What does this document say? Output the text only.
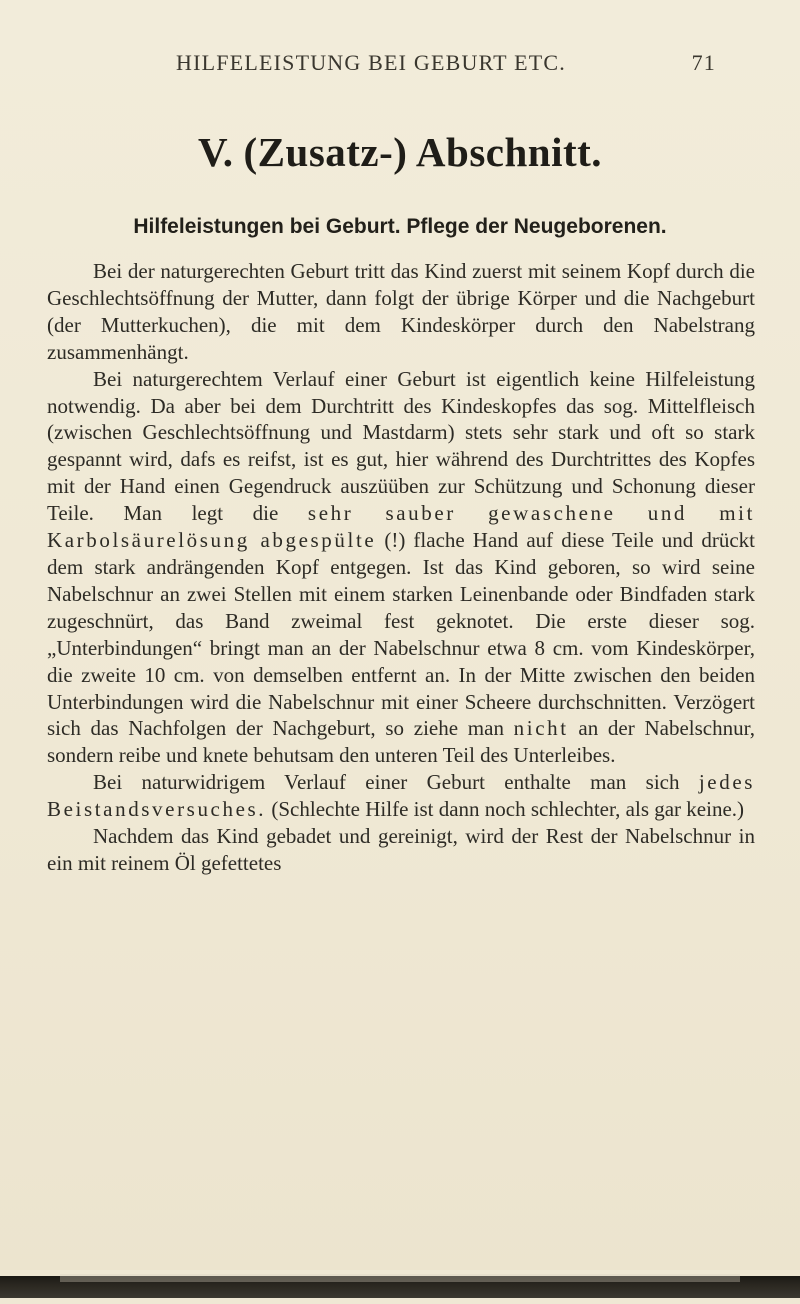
HILFELEISTUNG BEI GEBURT ETC.	71
V. (Zusatz-) Abschnitt.
Hilfeleistungen bei Geburt. Pflege der Neugeborenen.

Bei der naturgerechten Geburt tritt das Kind zuerst mit seinem Kopf durch die Geschlechtsöffnung der Mutter, dann folgt der übrige Körper und die Nachgeburt (der Mutterkuchen), die mit dem Kindeskörper durch den Nabelstrang zusammenhängt.

Bei naturgerechtem Verlauf einer Geburt ist eigentlich keine Hilfeleistung notwendig. Da aber bei dem Durchtritt des Kindeskopfes das sog. Mittelfleisch (zwischen Geschlechtsöffnung und Mastdarm) stets sehr stark und oft so stark gespannt wird, dafs es reifst, ist es gut, hier während des Durchtrittes des Kopfes mit der Hand einen Gegendruck auszüüben zur Schützung und Schonung dieser Teile. Man legt die sehr sauber gewaschene und mit Karbolsäurelösung abgespülte (!) flache Hand auf diese Teile und drückt dem stark andrängenden Kopf entgegen. Ist das Kind geboren, so wird seine Nabelschnur an zwei Stellen mit einem starken Leinenbande oder Bindfaden stark zugeschnürt, das Band zweimal fest geknotet. Die erste dieser sog. „Unterbindungen“ bringt man an der Nabelschnur etwa 8 cm. vom Kindeskörper, die zweite 10 cm. von demselben entfernt an. In der Mitte zwischen den beiden Unterbindungen wird die Nabelschnur mit einer Scheere durchschnitten. Verzögert sich das Nachfolgen der Nachgeburt, so ziehe man nicht an der Nabelschnur, sondern reibe und knete behutsam den unteren Teil des Unterleibes.

Bei naturwidrigem Verlauf einer Geburt enthalte man sich jedes Beistandsversuches. (Schlechte Hilfe ist dann noch schlechter, als gar keine.)

Nachdem das Kind gebadet und gereinigt, wird der Rest der Nabelschnur in ein mit reinem Öl gefettetes
